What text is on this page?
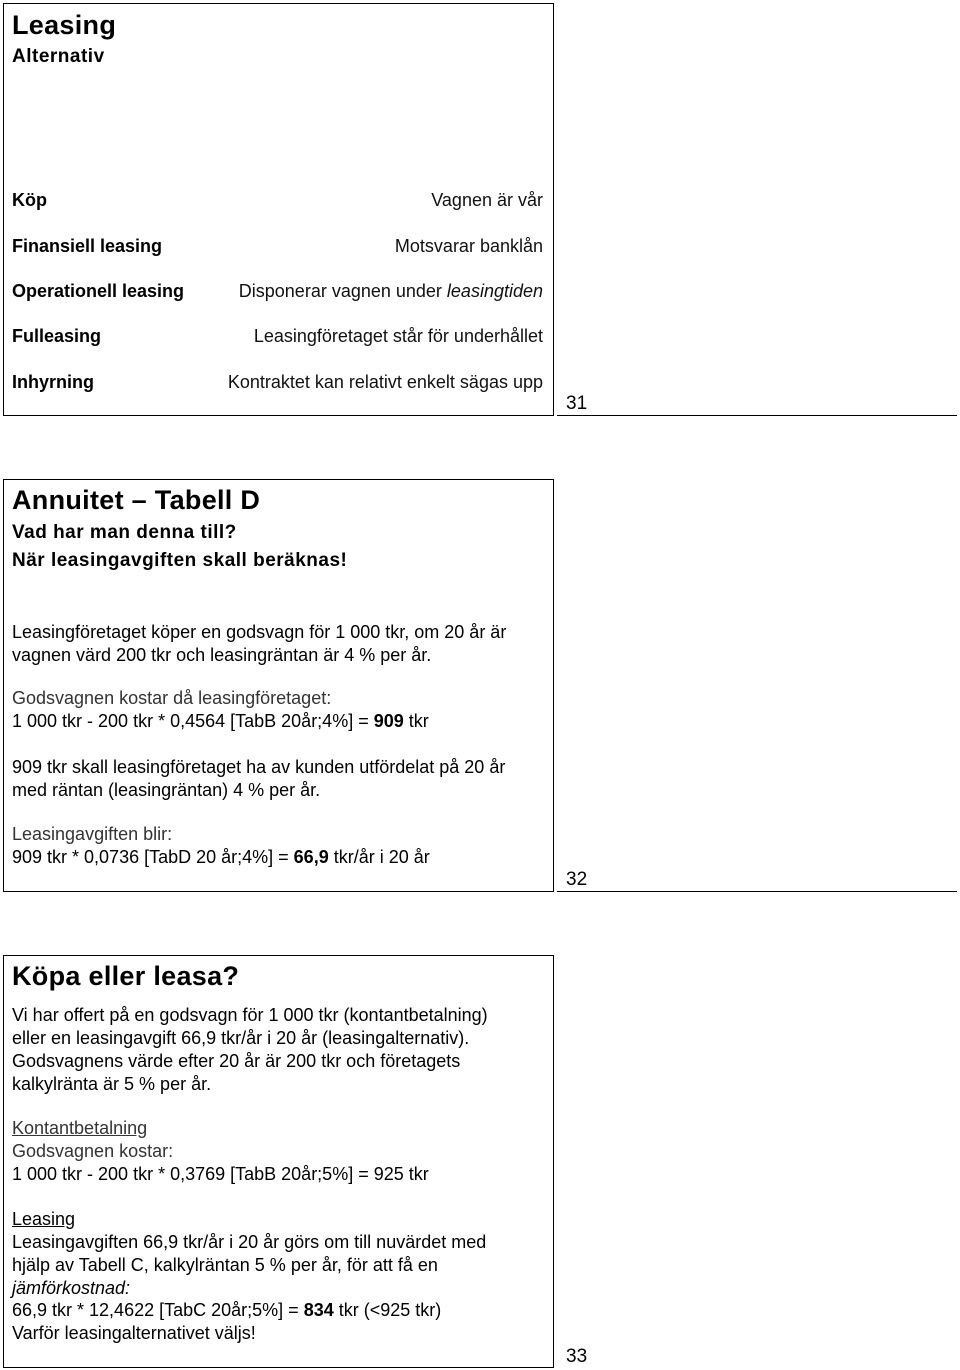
Leasing
Alternativ
Köp	Vagnen är vår
Finansiell leasing	Motsvarar banklån
Operationell leasing	Disponerar vagnen under leasingtiden
Fulleasing	Leasingföretaget står för underhållet
Inhyrning	Kontraktet kan relativt enkelt sägas upp
31
Annuitet – Tabell D
Vad har man denna till?
När leasingavgiften skall beräknas!
Leasingföretaget köper en godsvagn för 1 000 tkr, om 20 år är
vagnen värd 200 tkr och leasingräntan är 4 % per år.
Godsvagnen kostar då leasingföretaget:
1 000 tkr - 200 tkr * 0,4564 [TabB 20år;4%] = 909 tkr
909 tkr skall leasingföretaget ha av kunden utfördelat på 20 år
med räntan (leasingräntan) 4 % per år.
Leasingavgiften blir:
909 tkr * 0,0736 [TabD 20 år;4%] = 66,9 tkr/år i 20 år
32
Köpa eller leasa?
Vi har offert på en godsvagn för 1 000 tkr (kontantbetalning)
eller en leasingavgift 66,9 tkr/år i 20 år (leasingalternativ).
Godsvagnens värde efter 20 år är 200 tkr och företagets
kalkylränta är 5 % per år.
Kontantbetalning
Godsvagnen kostar:
1 000 tkr - 200 tkr * 0,3769 [TabB 20år;5%] = 925 tkr
Leasing
Leasingavgiften 66,9 tkr/år i 20 år görs om till nuvärdet med
hjälp av Tabell C, kalkylräntan 5 % per år, för att få en
jämförkostnad:
66,9 tkr * 12,4622 [TabC 20år;5%] = 834 tkr (<925 tkr)
Varför leasingalternativet väljs!
33
